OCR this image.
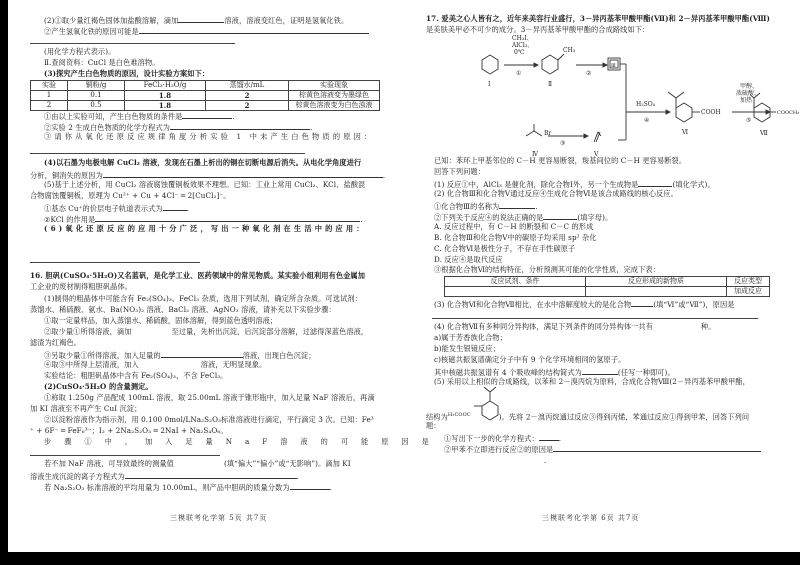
(2)①取少量红褐色固体加盐酸溶解，滴加	溶液，溶液变红色，证明是氢氧化铁。
②产生氢氧化铁的原因可能是
(用化学方程式表示)。
Ⅱ.查阅资料：CuCl 是白色难溶物。
(3)探究产生白色物质的原因，设计实验方案如下：
实验	铜粉/g	FeCl₃·H₂O/g	蒸馏水/mL	实验现象
1	0.1	1.8	2	棕黄色溶液变为墨绿色
2	0.5	1.8	2	棕黄色溶液变为白色浊液
①由以上实验可知，产生白色物质的条件是	.
②实验 2 生成白色物质的化学方程式为	.
③请你从氧化还原反应规律角度分析实验 1 中未产生白色物质的原因：
(4)以石墨为电极电解 CuCl₂ 溶液，发现在石墨上析出的铜在切断电源后消失。从电化学角度进行
分析，铜消失的原因为	.
(5)基于上述分析，用 CuCl₂ 溶液腐蚀覆铜板效果不理想。已知：工业上常用 CuCl₂、KCl、盐酸混
合物腐蚀覆铜板，原理为 Cu²⁺ + Cu + 4Cl⁻ ═ 2[CuCl₂]⁻。
①基态 Cu⁺的价层电子轨道表示式为	.
②KCl 的作用是	.
(6)氧化还原反应的应用十分广泛，写出一种氧化剂在生活中的应用：
16. 胆矾(CuSO₄·5H₂O)又名蓝矾，是化学工业、医药领域中的常见物质。某实验小组利用有色金属加
工企业的废材制得粗胆矾晶体。
(1)制得的粗晶体中可能含有 Fe₂(SO₄)₃、FeCl₃ 杂质，选用下列试剂，确定所含杂质。可选试剂：
蒸馏水、稀硫酸、氨水、Ba(NO₃)₂ 溶液、BaCl₂ 溶液、AgNO₃ 溶液，请补充以下实验步骤：
①取一定量样品，加入蒸馏水、稀硫酸，固体溶解，得到蓝色透明溶液；
②取少量①所得溶液，滴加	至过量，先析出沉淀，后沉淀部分溶解，过滤得深蓝色溶液，
滤渣为红褐色。
③另取少量①所得溶液，加入足量的	溶液，出现白色沉淀；
④取③中所得上层清液，加入	溶液，无明显现象。
实验结论：粗胆矾晶体中含有 Fe₂(SO₄)₃，不含 FeCl₃。
(2)CuSO₄·5H₂O 的含量测定。
①称取 1.250g 产品配成 100mL 溶液，取 25.00mL 溶液于锥形瓶中，加入足量 NaF 溶液后，再滴
加 KI 溶液至不再产生 CuI 沉淀；
②以淀粉溶液作为指示剂，用 0.100 0mol/LNa₂S₂O₃标准溶液进行滴定，平行滴定 3 次。已知：Fe³
⁺ + 6F⁻ ═ FeF₆³⁻；I₂ + 2Na₂S₂O₃ ═ 2NaI + Na₂S₄O₆。
步骤①中，加入足量NaF溶液的可能原因是
若不加 NaF 溶液，可导致最终的测量值	(填“偏大”“偏小”或“无影响”)。滴加 KI
溶液生成沉淀的离子方程式为	.
若 Na₂S₂O₃ 标准溶液的平均用量为 10.00mL，则产品中胆矾的质量分数为	.
三模联考化学第 5页 共7页
17. 爱美之心人皆有之，近年来美容行业盛行，3－异丙基苯甲酸甲酯(Ⅶ)和 2－异丙基苯甲酸甲酯(Ⅷ)
是美肤美甲必不可少的成分。3－异丙基苯甲酸甲酯的合成路线如下：
CH₃I、
AlCl₃、
0℃
①
Ⅰ
CH₃
Ⅱ
②
Ⅲ
H₂SO₄
④
Br
③
Ⅳ	Ⅴ
COOH
Ⅵ
甲醇、
浓硫酸、
加热
⑤
COOCH₃
Ⅶ
已知：苯环上甲基邻位的 C－H 更容易断裂，羧基间位的 C－H 更容易断裂。
回答下列问题：
(1) 反应①中，AlCl₃ 是催化剂，除化合物Ⅰ外，另一个生成物是	(填化学式)。
(2) 化合物Ⅲ和化合物Ⅴ通过反应④生成化合物Ⅵ是该合成路线的核心反应。
①化合物Ⅲ的名称为	.
②下列关于反应④的说法正确的是	(填字母)。
A. 反应过程中，有 C－H 的断裂和 C－C 的形成
B. 化合物Ⅲ和化合物Ⅴ中的碳原子均采用 sp² 杂化
C. 化合物Ⅵ是极性分子，不存在手性碳原子
D. 反应④是取代反应
③根据化合物Ⅵ的结构特征，分析预测其可能的化学性质，完成下表：
反应试剂、条件	反应形成的新物质	反应类型
		加成反应
(3) 化合物Ⅵ和化合物Ⅶ相比，在水中溶解度较大的是化合物	(填“Ⅵ”或“Ⅶ”)，原因是
(4) 化合物Ⅶ有多种同分异构体，满足下列条件的同分异构体一共有	种。
a)属于芳香族化合物；
b)能发生银镜反应；
c)核磁共振氢谱确定分子中有 9 个化学环境相同的氢原子。
其中核磁共振氢谱有 4 个吸收峰的结构简式为	(任写一种即可)。
(5) 采用以上相似的合成路线，以苯和 2－溴丙烷为原料，合成化合物Ⅷ(2－异丙基苯甲酸甲酯，
结构为$^{H_3COOC}$	)。先将 2－溴丙烷通过反应③得到丙烯，苯通过反应①得到甲苯，回答下列问
题：
①写出下一步的化学方程式：	.
②甲苯不立即进行反应②的原因是
.
三模联考化学第 6页 共7页
